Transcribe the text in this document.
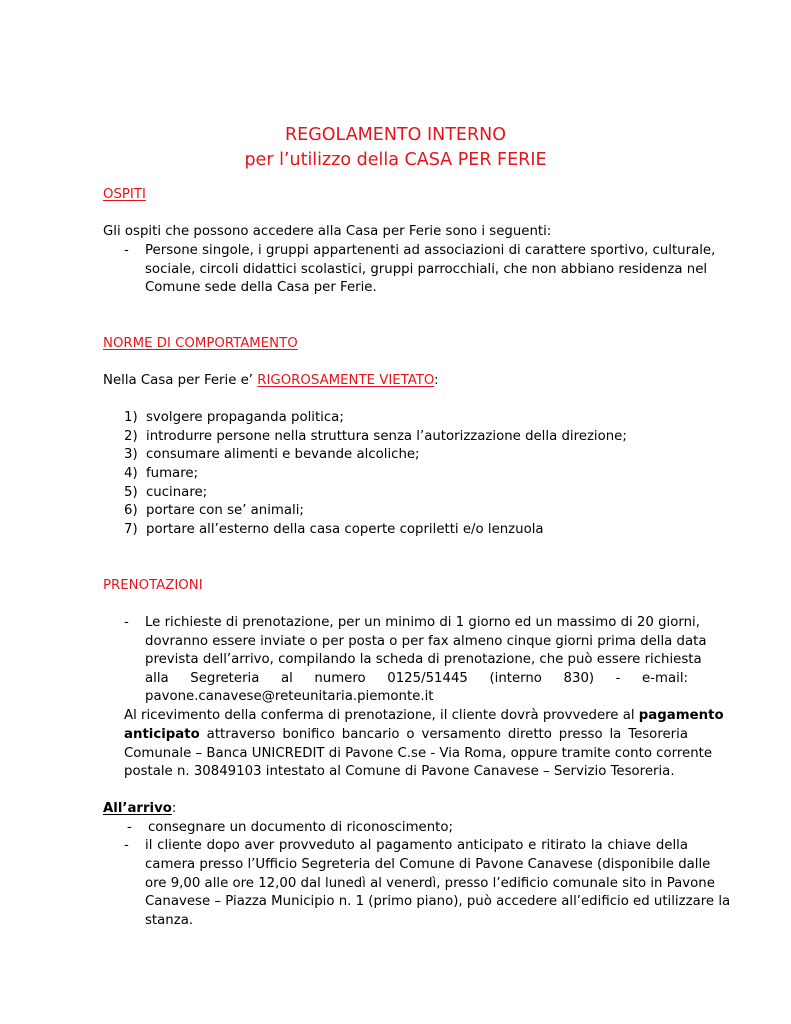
REGOLAMENTO INTERNO
per l’utilizzo della CASA PER FERIE
OSPITI
Gli ospiti che possono accedere alla Casa per Ferie sono i seguenti:
- Persone singole, i gruppi appartenenti ad associazioni di carattere sportivo, culturale,
sociale, circoli didattici scolastici, gruppi parrocchiali, che non abbiano residenza nel
Comune sede della Casa per Ferie.
NORME DI COMPORTAMENTO
Nella Casa per Ferie e’ RIGOROSAMENTE VIETATO:
1) svolgere propaganda politica;
2) introdurre persone nella struttura senza l’autorizzazione della direzione;
3) consumare alimenti e bevande alcoliche;
4) fumare;
5) cucinare;
6) portare con se’ animali;
7) portare all’esterno della casa coperte copriletti e/o lenzuola
PRENOTAZIONI
- Le richieste di prenotazione, per un minimo di 1 giorno ed un massimo di 20 giorni,
dovranno essere inviate o per posta o per fax almeno cinque giorni prima della data
prevista dell’arrivo, compilando la scheda di prenotazione, che può essere richiesta
alla Segreteria al numero 0125/51445 (interno 830) - e-mail:
pavone.canavese@reteunitaria.piemonte.it
Al ricevimento della conferma di prenotazione, il cliente dovrà provvedere al pagamento
anticipato attraverso bonifico bancario o versamento diretto presso la Tesoreria
Comunale – Banca UNICREDIT di Pavone C.se - Via Roma, oppure tramite conto corrente
postale n. 30849103 intestato al Comune di Pavone Canavese – Servizio Tesoreria.
All’arrivo:
- consegnare un documento di riconoscimento;
- il cliente dopo aver provveduto al pagamento anticipato e ritirato la chiave della
camera presso l’Ufficio Segreteria del Comune di Pavone Canavese (disponibile dalle
ore 9,00 alle ore 12,00 dal lunedì al venerdì, presso l’edificio comunale sito in Pavone
Canavese – Piazza Municipio n. 1 (primo piano), può accedere all’edificio ed utilizzare la
stanza.
